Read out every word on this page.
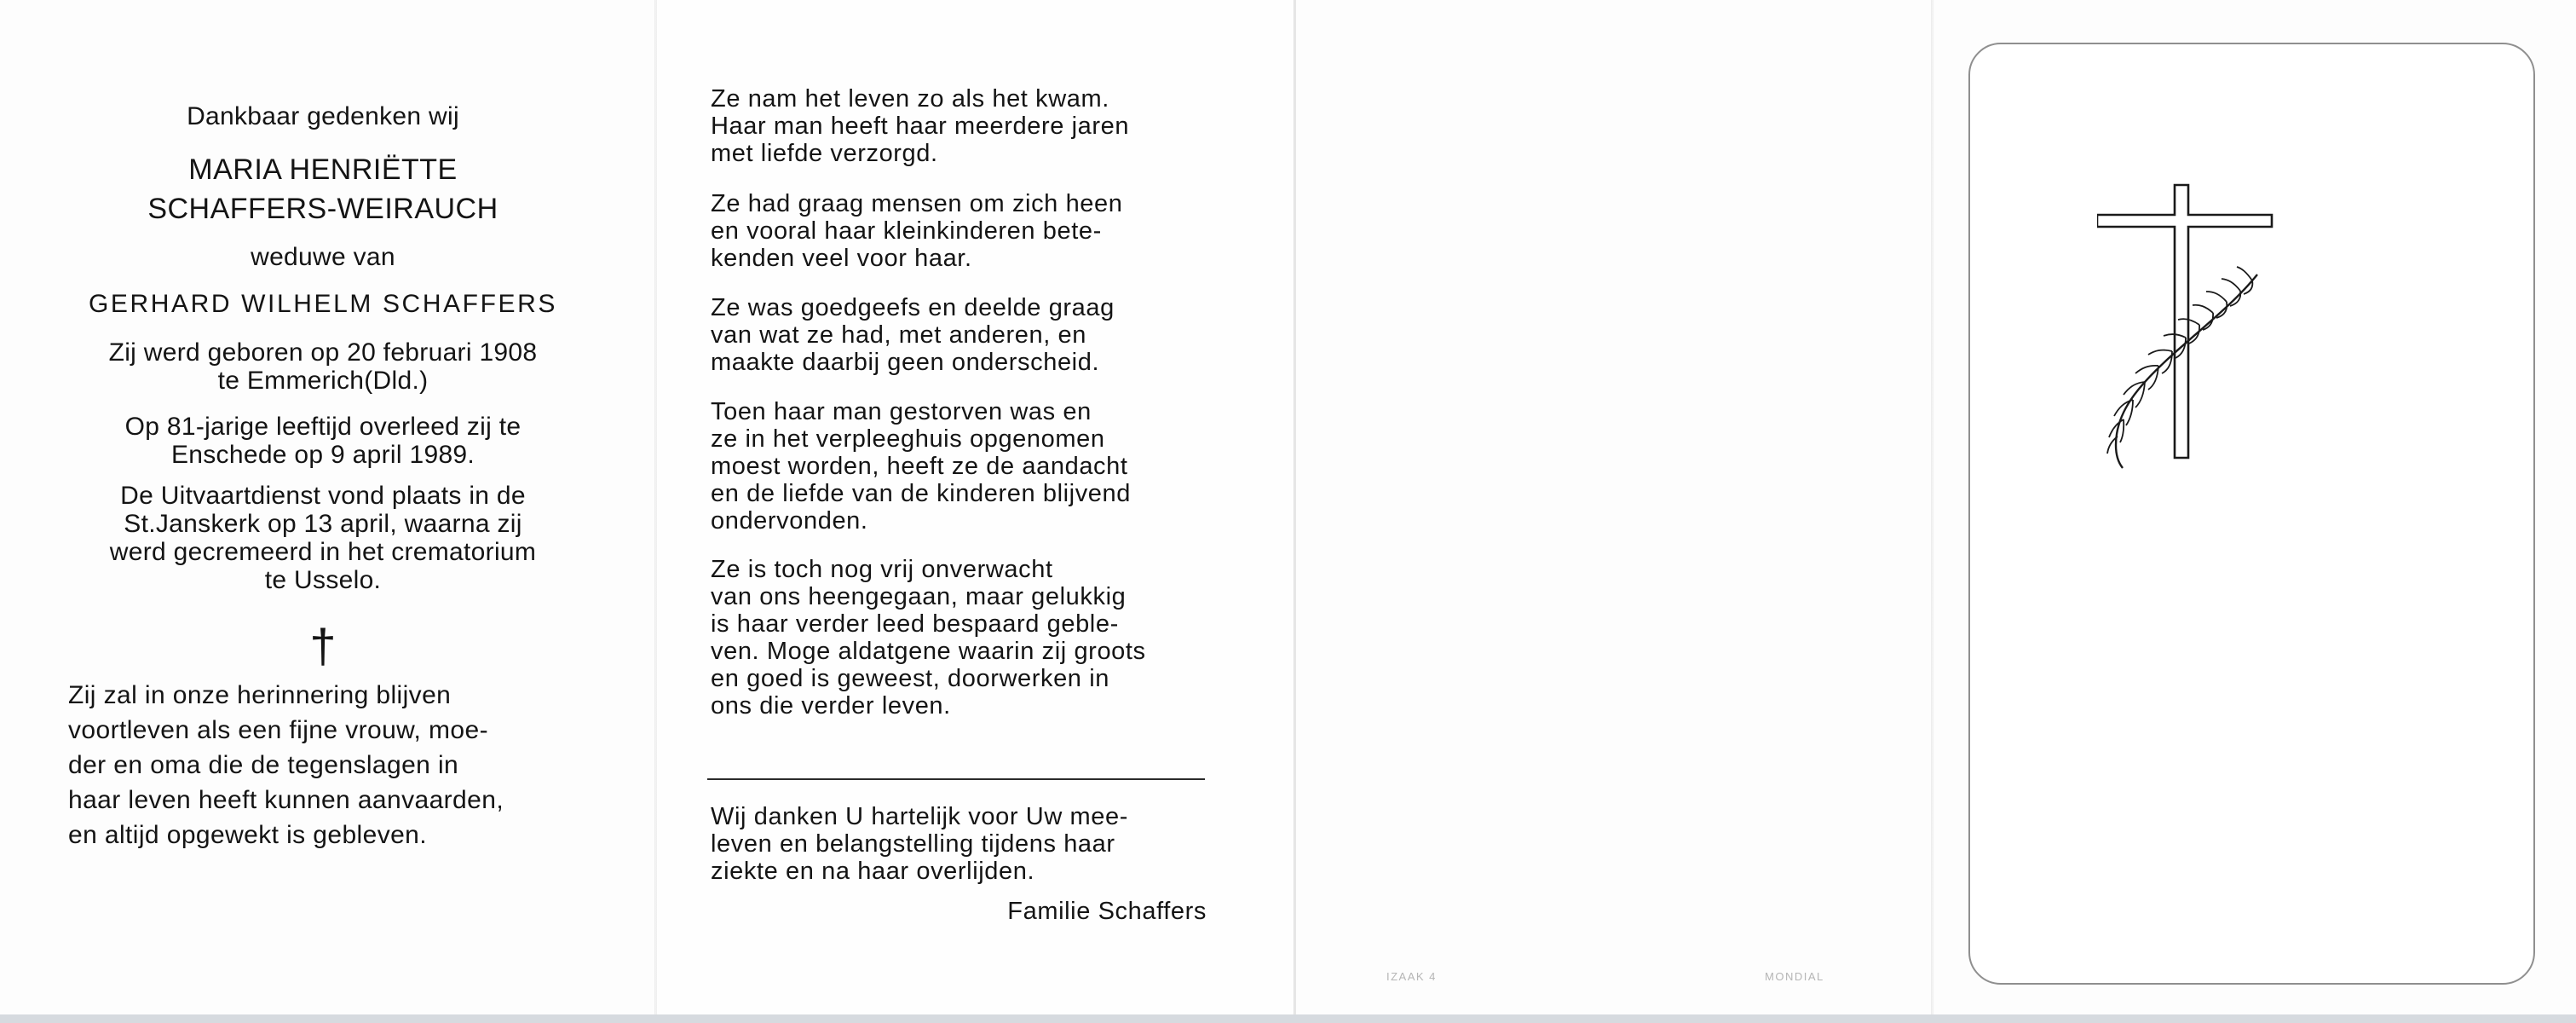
Dankbaar gedenken wij
MARIA HENRIËTTE
SCHAFFERS-WEIRAUCH
weduwe van
GERHARD WILHELM SCHAFFERS
Zij werd geboren op 20 februari 1908
te Emmerich(Dld.)
Op 81-jarige leeftijd overleed zij te
Enschede op 9 april 1989.
De Uitvaartdienst vond plaats in de
St.Janskerk op 13 april, waarna zij
werd gecremeerd in het crematorium
te Usselo.
†
Zij zal in onze herinnering blijven
voortleven als een fijne vrouw, moe-
der en oma die de tegenslagen in
haar leven heeft kunnen aanvaarden,
en altijd opgewekt is gebleven.
Ze nam het leven zo als het kwam.
Haar man heeft haar meerdere jaren
met liefde verzorgd.
Ze had graag mensen om zich heen
en vooral haar kleinkinderen bete-
kenden veel voor haar.
Ze was goedgeefs en deelde graag
van wat ze had, met anderen, en
maakte daarbij geen onderscheid.
Toen haar man gestorven was en
ze in het verpleeghuis opgenomen
moest worden, heeft ze de aandacht
en de liefde van de kinderen blijvend
ondervonden.
Ze is toch nog vrij onverwacht
van ons heengegaan, maar gelukkig
is haar verder leed bespaard geble-
ven. Moge aldatgene waarin zij groots
en goed is geweest, doorwerken in
ons die verder leven.
Wij danken U hartelijk voor Uw mee-
leven en belangstelling tijdens haar
ziekte en na haar overlijden.
Familie Schaffers
IZAAK 4	MONDIAL
